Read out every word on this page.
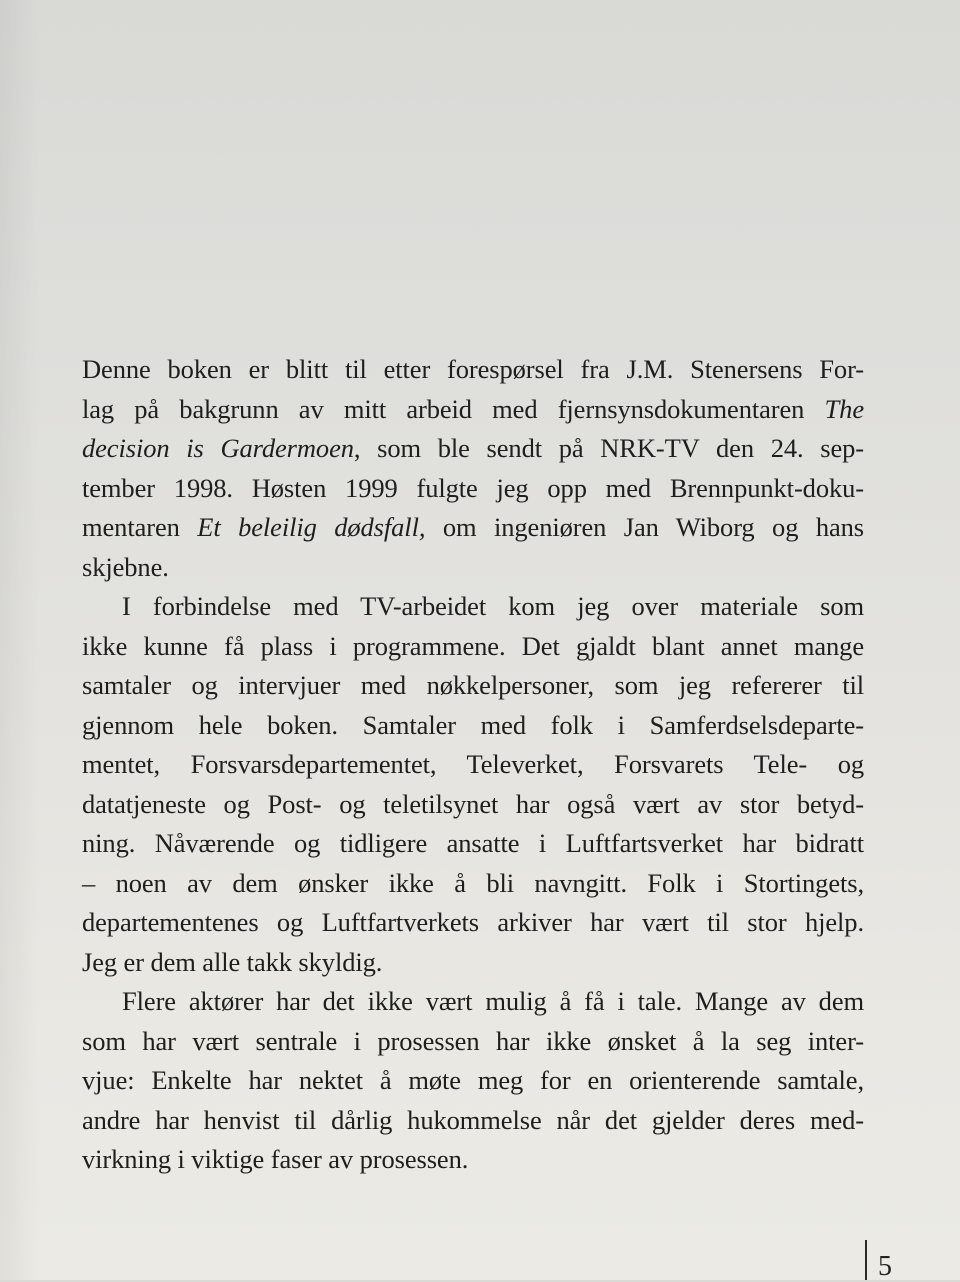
Denne boken er blitt til etter forespørsel fra J.M. Stenersens For-
lag på bakgrunn av mitt arbeid med fjernsynsdokumentaren The
decision is Gardermoen, som ble sendt på NRK-TV den 24. sep-
tember 1998. Høsten 1999 fulgte jeg opp med Brennpunkt-doku-
mentaren Et beleilig dødsfall, om ingeniøren Jan Wiborg og hans
skjebne.
I forbindelse med TV-arbeidet kom jeg over materiale som
ikke kunne få plass i programmene. Det gjaldt blant annet mange
samtaler og intervjuer med nøkkelpersoner, som jeg refererer til
gjennom hele boken. Samtaler med folk i Samferdselsdeparte-
mentet, Forsvarsdepartementet, Televerket, Forsvarets Tele- og
datatjeneste og Post- og teletilsynet har også vært av stor betyd-
ning. Nåværende og tidligere ansatte i Luftfartsverket har bidratt
– noen av dem ønsker ikke å bli navngitt. Folk i Stortingets,
departementenes og Luftfartverkets arkiver har vært til stor hjelp.
Jeg er dem alle takk skyldig.
Flere aktører har det ikke vært mulig å få i tale. Mange av dem
som har vært sentrale i prosessen har ikke ønsket å la seg inter-
vjue: Enkelte har nektet å møte meg for en orienterende samtale,
andre har henvist til dårlig hukommelse når det gjelder deres med-
virkning i viktige faser av prosessen.
5
